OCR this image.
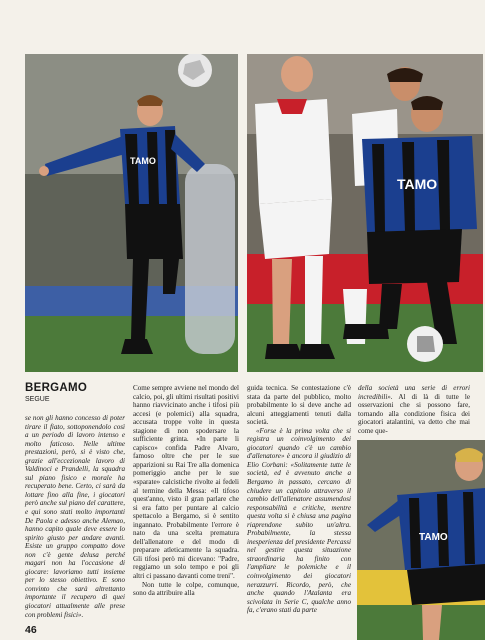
TAMO
TAMO
TAMO
BERGAMO
SEGUE

se non gli hanno concesso di poter tirare il fiato, sottoponendolo così a un periodo di lavoro intenso e molto faticoso. Nelle ultime prestazioni, però, si è visto che, grazie all'eccezionale lavoro di Valdinoci e Prandelli, la squadra sul piano fisico e morale ha recuperato bene. Certo, ci sarà da lottare fino alla fine, i giocatori però anche sul piano del carattere, e qui sono stati molto importanti De Paola e adesso anche Alemao, hanno capito quale deve essere lo spirito giusto per andare avanti. Esiste un gruppo compatto dove non c'è gente delusa perché magari non ha l'occasione di giocare: lavoriamo tutti insieme per lo stesso obiettivo. E sono convinto che sarà altrettanto importante il recupero di quei giocatori attualmente alle prese con problemi fisici».

Come sempre avviene nel mondo del calcio, poi, gli ultimi risultati positivi hanno riavvicinato anche i tifosi più accesi (e polemici) alla squadra, accusata troppe volte in questa stagione di non spodersare la sufficiente grinta. «In parte li capisco» confida Padre Alvaro, famoso oltre che per le sue apparizioni su Rai Tre alla domenica pomeriggio anche per le sue «sparate» calcistiche rivolte ai fedeli al termine della Messa: «Il tifoso quest'anno, visto il gran parlare che si era fatto per puntare al calcio spettacolo a Bergamo, si è sentito ingannato. Probabilmente l'errore è nato da una scelta prematura dell'allenatore e del modo di preparare atleticamente la squadra. Gli tifosi però mi dicevano: "Padre, reggiamo un solo tempo e poi gli altri ci passano davanti come treni".

Non tutte le colpe, comunque, sono da attribuire alla

guida tecnica. Se contestazione c'è stata da parte del pubblico, molto probabilmente lo si deve anche ad alcuni atteggiamenti tenuti dalla società.

«Forse è la prima volta che si registra un coinvolgimento dei giocatori quando c'è un cambio d'allenatore» è ancora il giudizio di Elio Corbani: «Solitamente tutte le società, ed è avvenuto anche a Bergamo in passato, cercano di chiudere un capitolo attraverso il cambio dell'allenatore assumendosi responsabilità e critiche, mentre questa volta si è chiusa una pagina riaprendone subito un'altra. Probabilmente, la stessa inesperienza del presidente Percassi nel gestire questa situazione straordinaria ha finito con l'ampliare le polemiche e il coinvolgimento dei giocatori nerazzurri. Ricordo, però, che anche quando l'Atalanta era scivolata in Serie C, qualche anno fa, c'erano stati da parte

della società una serie di errori incredibili». Al di là di tutte le osservazioni che si possono fare, tornando alla condizione fisica dei giocatori atalantini, va detto che mai come que-

46
